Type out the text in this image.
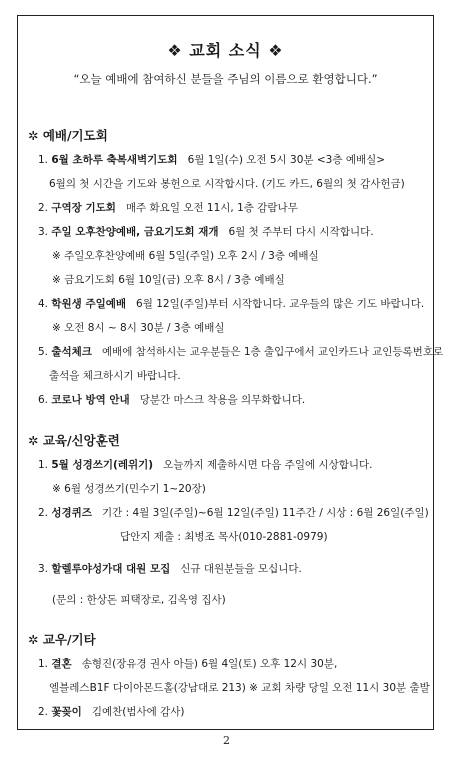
❖ 교회 소식 ❖
“오늘 예배에 참여하신 분들을 주님의 이름으로 환영합니다.”
✲ 예배/기도회
1. 6월 초하루 축복새벽기도회 6월 1일(수) 오전 5시 30분 <3층 예배실>
6월의 첫 시간을 기도와 봉헌으로 시작합시다. (기도 카드, 6월의 첫 감사헌금)
2. 구역장 기도회 매주 화요일 오전 11시, 1층 감람나무
3. 주일 오후찬양예배, 금요기도회 재개 6월 첫 주부터 다시 시작합니다.
※ 주일오후찬양예배 6월 5일(주일) 오후 2시 / 3층 예배실
※ 금요기도회 6월 10일(금) 오후 8시 / 3층 예배실
4. 학원생 주일예배 6월 12일(주일)부터 시작합니다. 교우들의 많은 기도 바랍니다.
※ 오전 8시 ~ 8시 30분 / 3층 예배실
5. 출석체크 예배에 참석하시는 교우분들은 1층 출입구에서 교인카드나 교인등록번호로
출석을 체크하시기 바랍니다.
6. 코로나 방역 안내 당분간 마스크 착용을 의무화합니다.
✲ 교육/신앙훈련
1. 5월 성경쓰기(레위기) 오늘까지 제출하시면 다음 주일에 시상합니다.
※ 6월 성경쓰기(민수기 1~20장)
2. 성경퀴즈 기간 : 4월 3일(주일)~6월 12일(주일) 11주간 / 시상 : 6월 26일(주일)
답안지 제출 : 최병조 목사(010-2881-0979)
3. 할렐루야성가대 대원 모집 신규 대원분들을 모십니다.
(문의 : 한상돈 피택장로, 김옥영 집사)
✲ 교우/기타
1. 결혼 송형진(장유경 권사 아들) 6월 4일(토) 오후 12시 30분,
엘블레스B1F 다이아몬드홀(강남대로 213) ※ 교회 차량 당일 오전 11시 30분 출발
2. 꽃꽂이 김예찬(범사에 감사)
2
